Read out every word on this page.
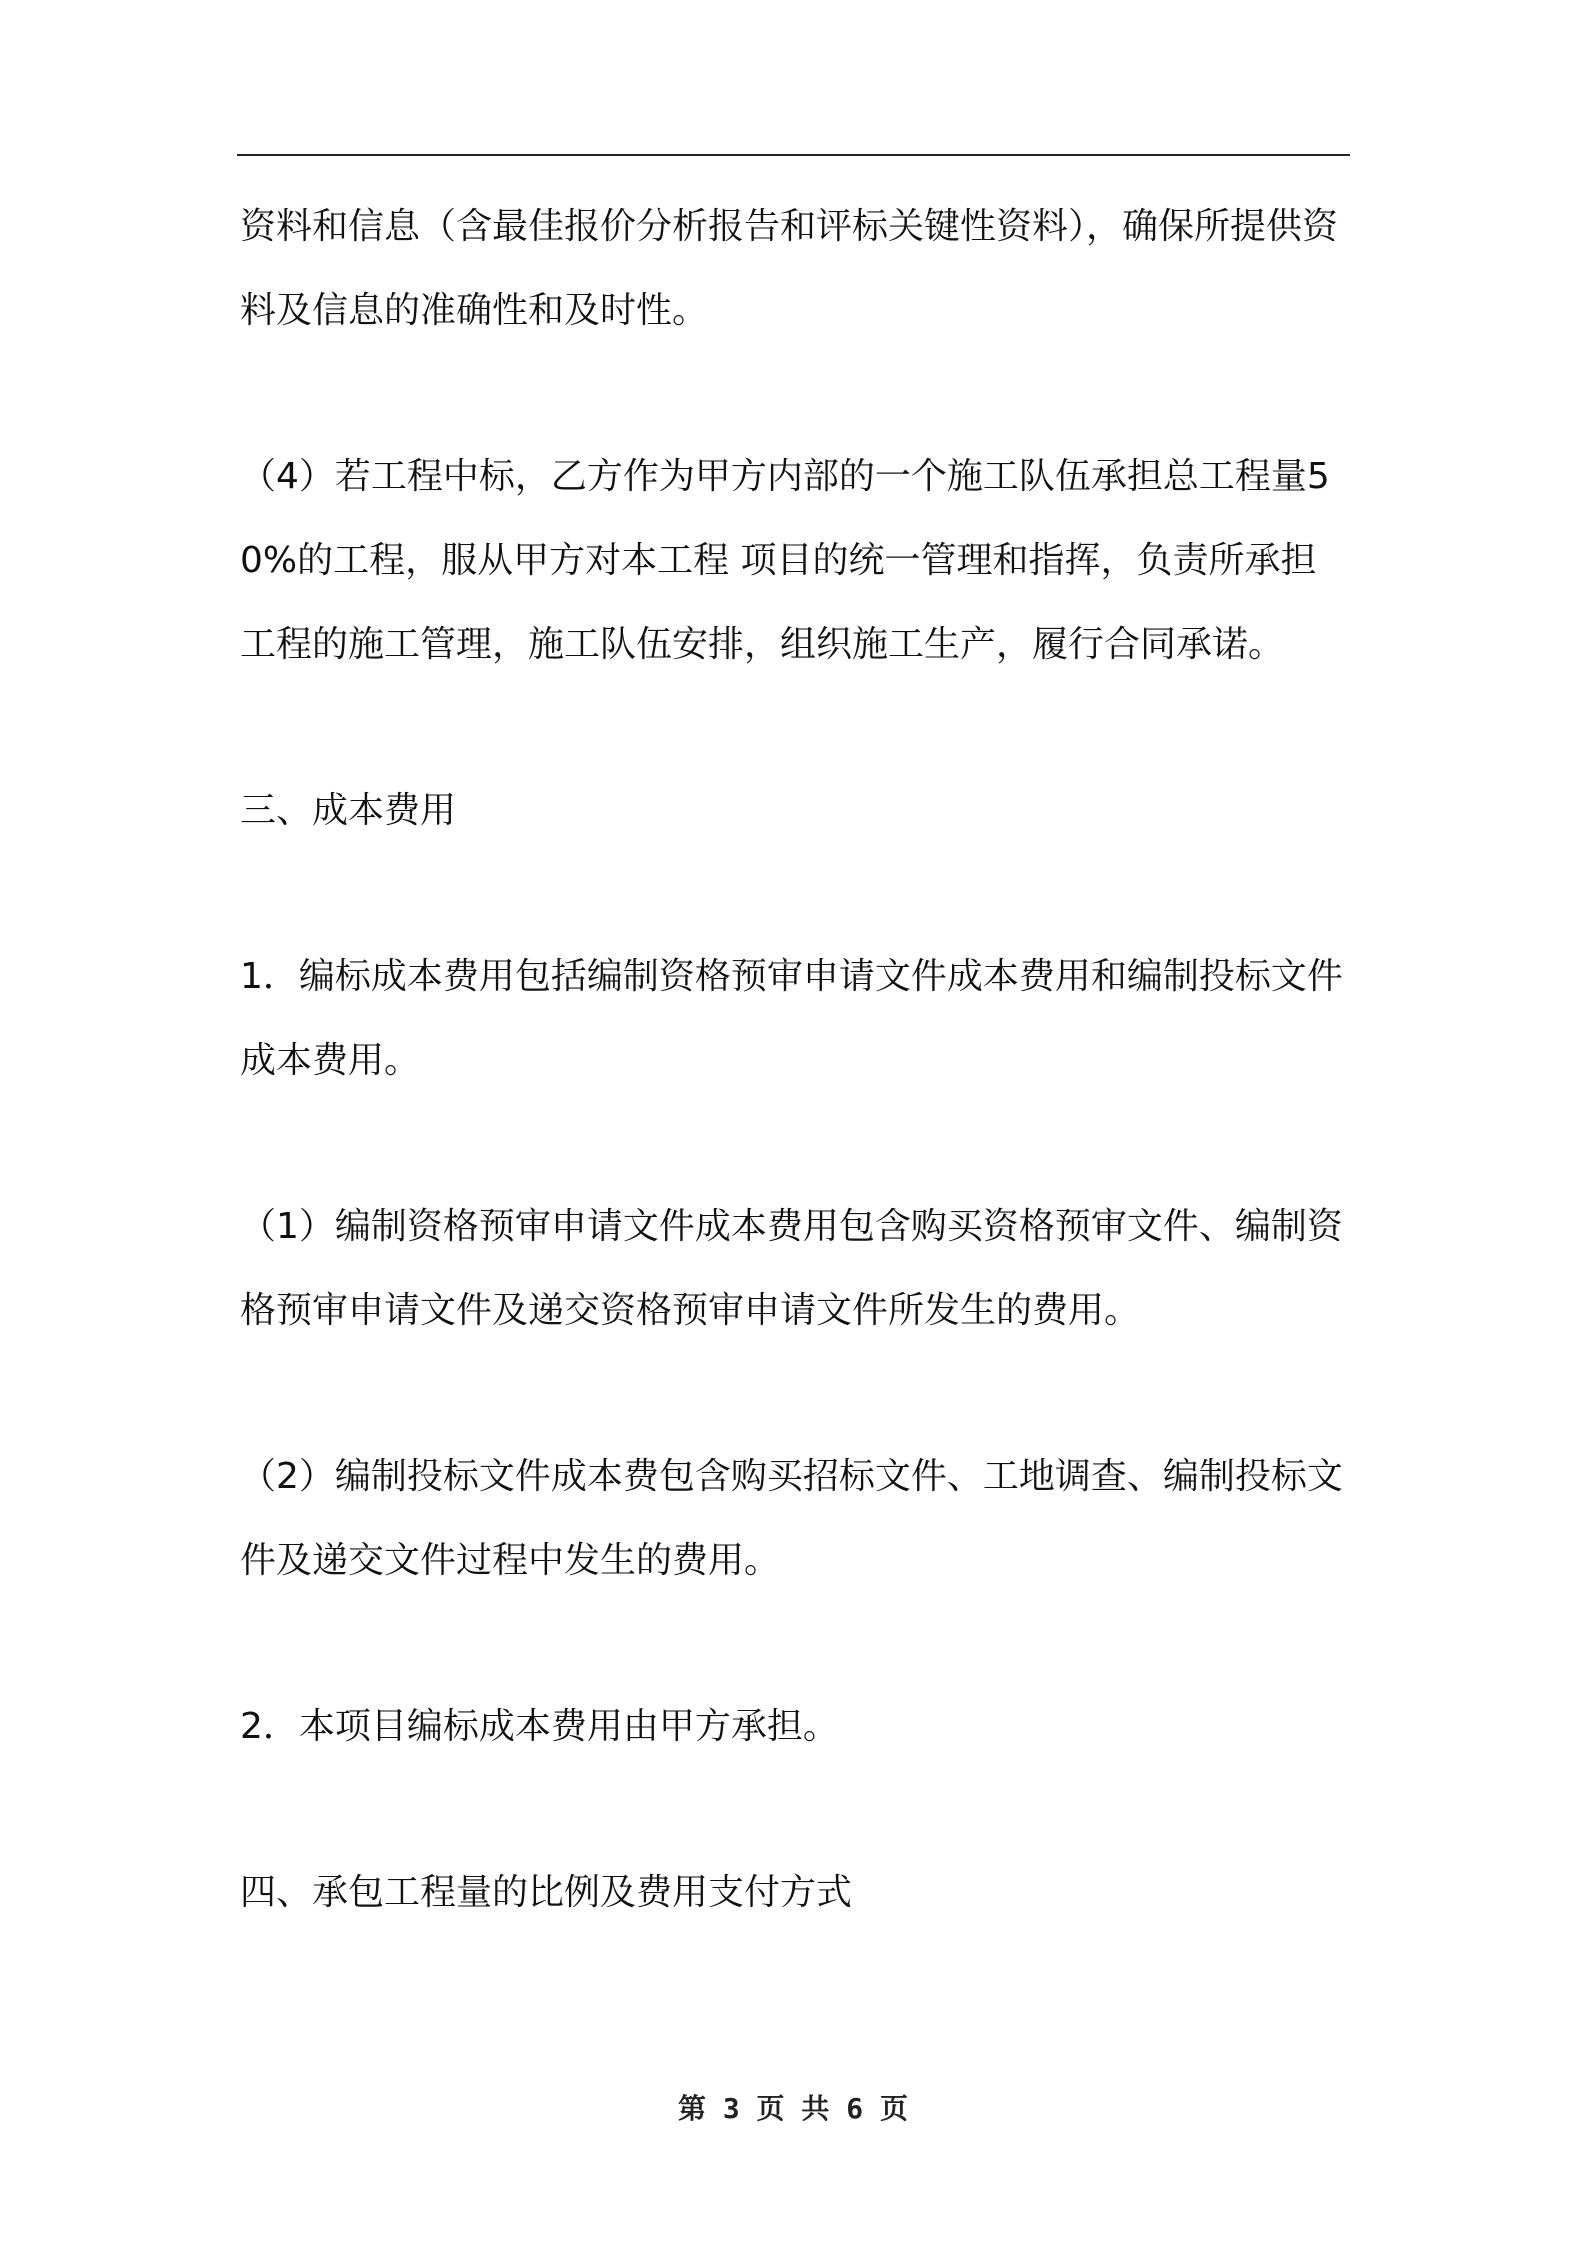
资料和信息（含最佳报价分析报告和评标关键性资料），确保所提供资料及信息的准确性和及时性。

（4）若工程中标，乙方作为甲方内部的一个施工队伍承担总工程量50%的工程，服从甲方对本工程 项目的统一管理和指挥，负责所承担工程的施工管理，施工队伍安排，组织施工生产，履行合同承诺。

三、成本费用

1．编标成本费用包括编制资格预审申请文件成本费用和编制投标文件成本费用。

（1）编制资格预审申请文件成本费用包含购买资格预审文件、编制资格预审申请文件及递交资格预审申请文件所发生的费用。

（2）编制投标文件成本费包含购买招标文件、工地调查、编制投标文件及递交文件过程中发生的费用。

2．本项目编标成本费用由甲方承担。

四、承包工程量的比例及费用支付方式

第 3 页 共 6 页
